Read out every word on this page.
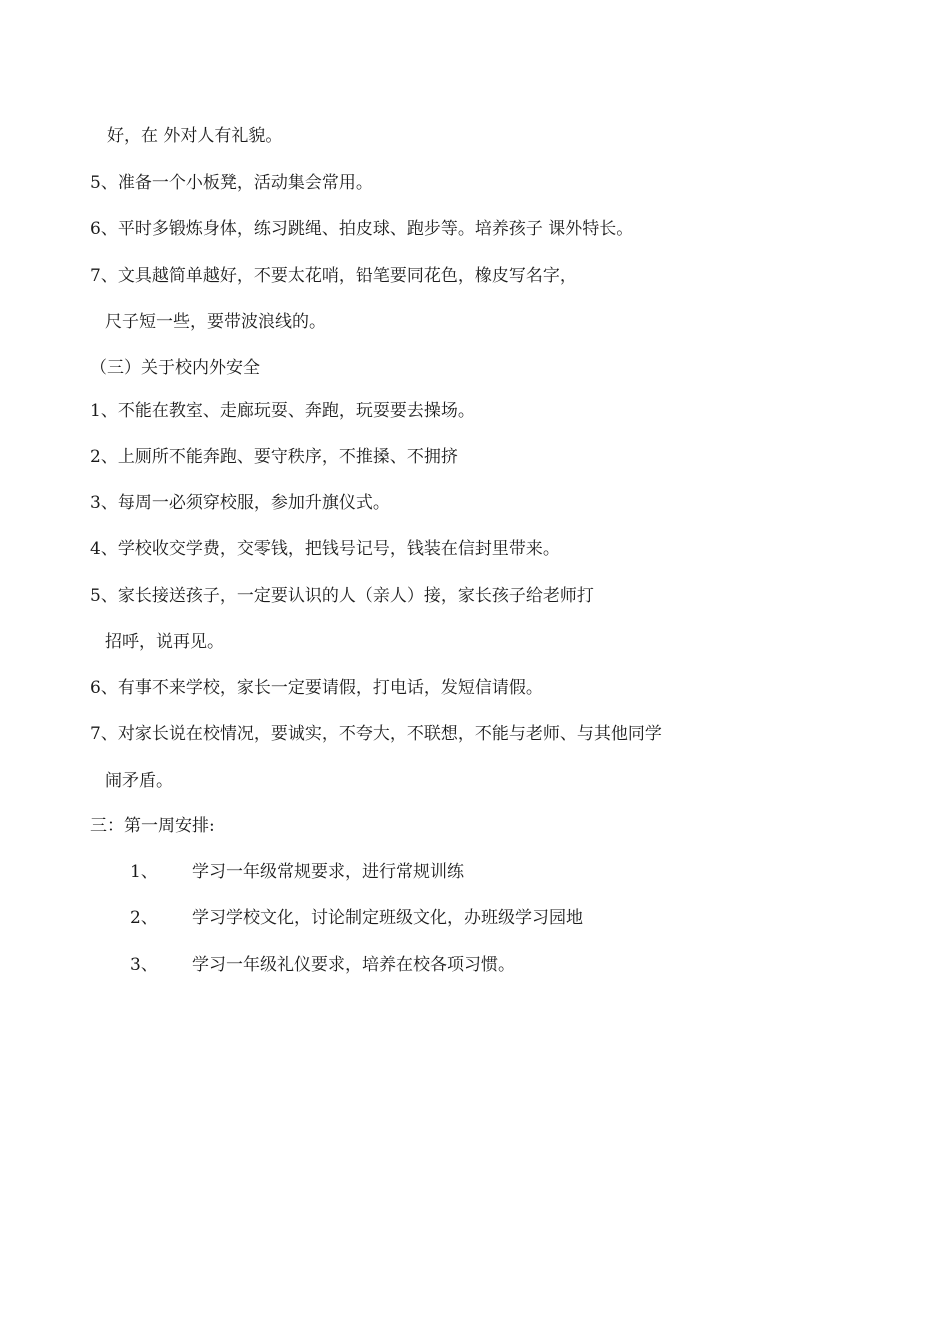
好，在 外对人有礼貌。
5、准备一个小板凳，活动集会常用。
6、平时多锻炼身体，练习跳绳、拍皮球、跑步等。培养孩子 课外特长。
7、文具越简单越好，不要太花哨，铅笔要同花色，橡皮写名字，
尺子短一些，要带波浪线的。
（三）关于校内外安全
1、不能在教室、走廊玩耍、奔跑，玩耍要去操场。
2、上厕所不能奔跑、要守秩序，不推搡、不拥挤
3、每周一必须穿校服，参加升旗仪式。
4、学校收交学费，交零钱，把钱号记号，钱装在信封里带来。
5、家长接送孩子，一定要认识的人（亲人）接，家长孩子给老师打
招呼，说再见。
6、有事不来学校，家长一定要请假，打电话，发短信请假。
7、对家长说在校情况，要诚实，不夸大，不联想，不能与老师、与其他同学
闹矛盾。
三：第一周安排:
1、 学习一年级常规要求，进行常规训练
2、 学习学校文化，讨论制定班级文化，办班级学习园地
3、 学习一年级礼仪要求，培养在校各项习惯。
